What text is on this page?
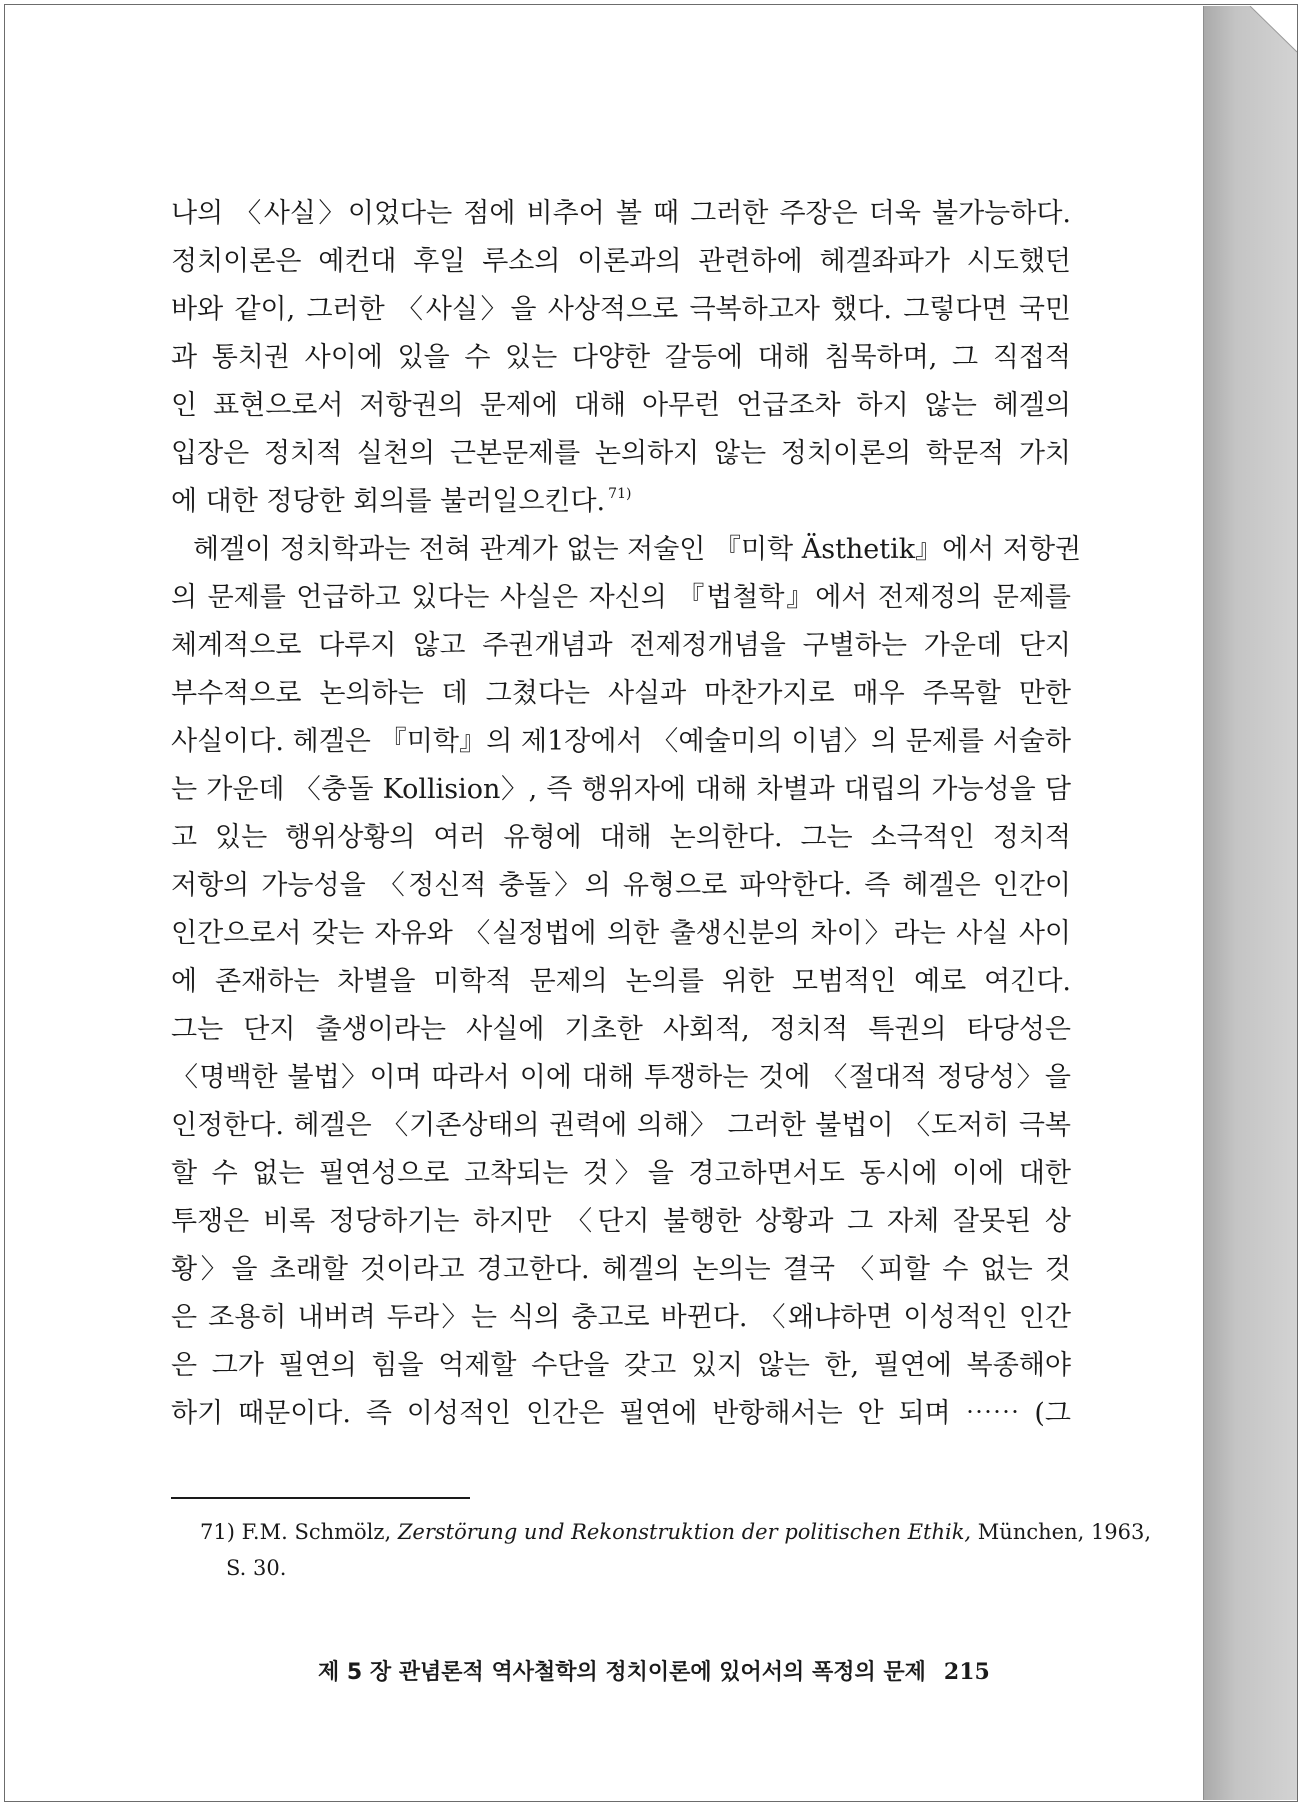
나의 〈사실〉이었다는 점에 비추어 볼 때 그러한 주장은 더욱 불가능하다.
정치이론은 예컨대 후일 루소의 이론과의 관련하에 헤겔좌파가 시도했던
바와 같이, 그러한 〈사실〉을 사상적으로 극복하고자 했다. 그렇다면 국민
과 통치권 사이에 있을 수 있는 다양한 갈등에 대해 침묵하며, 그 직접적
인 표현으로서 저항권의 문제에 대해 아무런 언급조차 하지 않는 헤겔의
입장은 정치적 실천의 근본문제를 논의하지 않는 정치이론의 학문적 가치
에 대한 정당한 회의를 불러일으킨다. $^{71)}$
헤겔이 정치학과는 전혀 관계가 없는 저술인 『미학 Ästhetik』에서 저항권
의 문제를 언급하고 있다는 사실은 자신의 『법철학』에서 전제정의 문제를
체계적으로 다루지 않고 주권개념과 전제정개념을 구별하는 가운데 단지
부수적으로 논의하는 데 그쳤다는 사실과 마찬가지로 매우 주목할 만한
사실이다. 헤겔은 『미학』의 제1장에서 〈예술미의 이념〉의 문제를 서술하
는 가운데 〈충돌 Kollision〉, 즉 행위자에 대해 차별과 대립의 가능성을 담
고 있는 행위상황의 여러 유형에 대해 논의한다. 그는 소극적인 정치적
저항의 가능성을 〈정신적 충돌〉의 유형으로 파악한다. 즉 헤겔은 인간이
인간으로서 갖는 자유와 〈실정법에 의한 출생신분의 차이〉라는 사실 사이
에 존재하는 차별을 미학적 문제의 논의를 위한 모범적인 예로 여긴다.
그는 단지 출생이라는 사실에 기초한 사회적, 정치적 특권의 타당성은
〈명백한 불법〉이며 따라서 이에 대해 투쟁하는 것에 〈절대적 정당성〉을
인정한다. 헤겔은 〈기존상태의 권력에 의해〉 그러한 불법이 〈도저히 극복
할 수 없는 필연성으로 고착되는 것〉을 경고하면서도 동시에 이에 대한
투쟁은 비록 정당하기는 하지만 〈단지 불행한 상황과 그 자체 잘못된 상
황〉을 초래할 것이라고 경고한다. 헤겔의 논의는 결국 〈피할 수 없는 것
은 조용히 내버려 두라〉는 식의 충고로 바뀐다. 〈왜냐하면 이성적인 인간
은 그가 필연의 힘을 억제할 수단을 갖고 있지 않는 한, 필연에 복종해야
하기 때문이다. 즉 이성적인 인간은 필연에 반항해서는 안 되며 ⋯⋯ (그
71) F.M. Schmölz, Zerstörung und Rekonstruktion der politischen Ethik, München, 1963,
S. 30.
제 5 장 관념론적 역사철학의 정치이론에 있어서의 폭정의 문제 215
